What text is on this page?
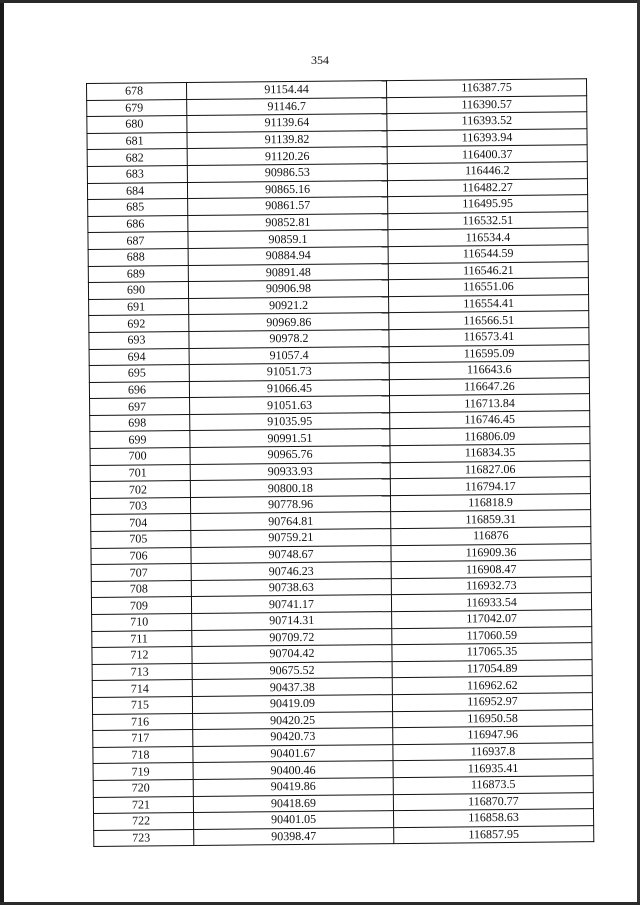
354
678	91154.44	116387.75
679	91146.7	116390.57
680	91139.64	116393.52
681	91139.82	116393.94
682	91120.26	116400.37
683	90986.53	116446.2
684	90865.16	116482.27
685	90861.57	116495.95
686	90852.81	116532.51
687	90859.1	116534.4
688	90884.94	116544.59
689	90891.48	116546.21
690	90906.98	116551.06
691	90921.2	116554.41
692	90969.86	116566.51
693	90978.2	116573.41
694	91057.4	116595.09
695	91051.73	116643.6
696	91066.45	116647.26
697	91051.63	116713.84
698	91035.95	116746.45
699	90991.51	116806.09
700	90965.76	116834.35
701	90933.93	116827.06
702	90800.18	116794.17
703	90778.96	116818.9
704	90764.81	116859.31
705	90759.21	116876
706	90748.67	116909.36
707	90746.23	116908.47
708	90738.63	116932.73
709	90741.17	116933.54
710	90714.31	117042.07
711	90709.72	117060.59
712	90704.42	117065.35
713	90675.52	117054.89
714	90437.38	116962.62
715	90419.09	116952.97
716	90420.25	116950.58
717	90420.73	116947.96
718	90401.67	116937.8
719	90400.46	116935.41
720	90419.86	116873.5
721	90418.69	116870.77
722	90401.05	116858.63
723	90398.47	116857.95
